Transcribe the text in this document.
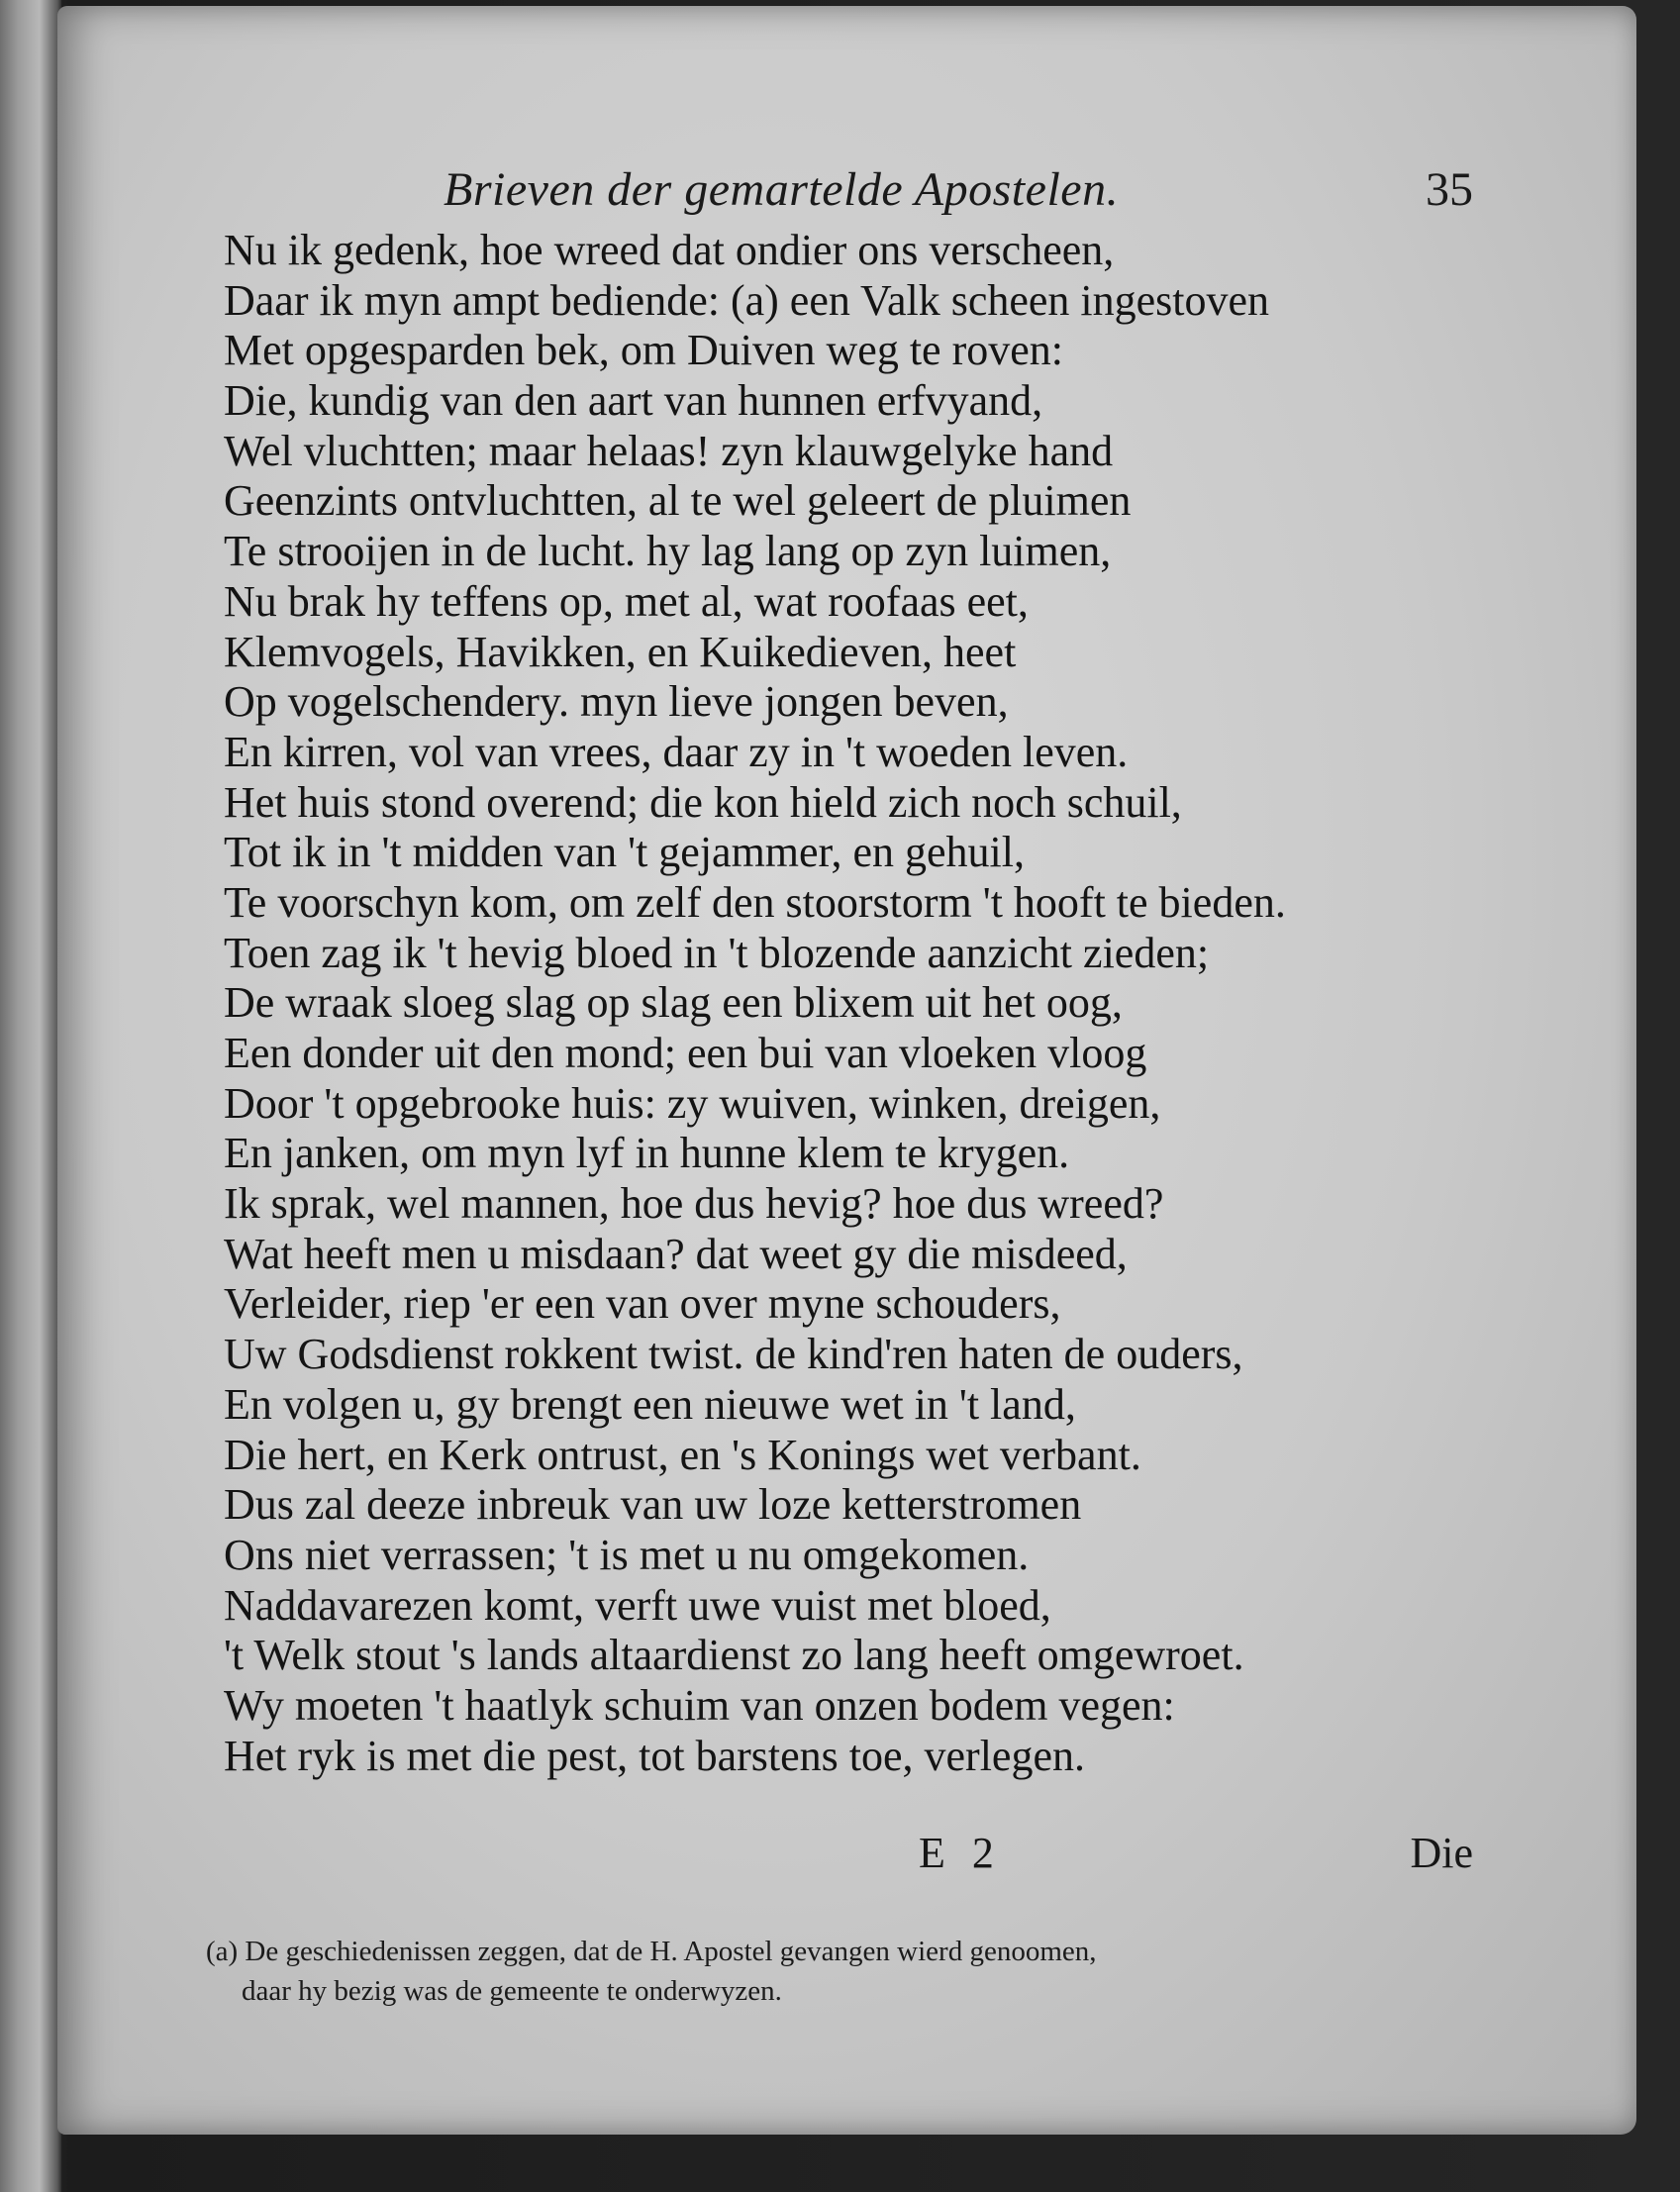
Brieven der gemartelde Apostelen.	35
Nu ik gedenk, hoe wreed dat ondier ons verscheen,
Daar ik myn ampt bediende: (a) een Valk scheen ingestoven
Met opgesparden bek, om Duiven weg te roven:
Die, kundig van den aart van hunnen erfvyand,
Wel vluchtten; maar helaas! zyn klauwgelyke hand
Geenzints ontvluchtten, al te wel geleert de pluimen
Te strooijen in de lucht. hy lag lang op zyn luimen,
Nu brak hy teffens op, met al, wat roofaas eet,
Klemvogels, Havikken, en Kuikedieven, heet
Op vogelschendery. myn lieve jongen beven,
En kirren, vol van vrees, daar zy in 't woeden leven.
Het huis stond overend; die kon hield zich noch schuil,
Tot ik in 't midden van 't gejammer, en gehuil,
Te voorschyn kom, om zelf den stoorstorm 't hooft te bieden.
Toen zag ik 't hevig bloed in 't blozende aanzicht zieden;
De wraak sloeg slag op slag een blixem uit het oog,
Een donder uit den mond; een bui van vloeken vloog
Door 't opgebrooke huis: zy wuiven, winken, dreigen,
En janken, om myn lyf in hunne klem te krygen.
Ik sprak, wel mannen, hoe dus hevig? hoe dus wreed?
Wat heeft men u misdaan? dat weet gy die misdeed,
Verleider, riep 'er een van over myne schouders,
Uw Godsdienst rokkent twist. de kind'ren haten de ouders,
En volgen u, gy brengt een nieuwe wet in 't land,
Die hert, en Kerk ontrust, en 's Konings wet verbant.
Dus zal deeze inbreuk van uw loze ketterstromen
Ons niet verrassen; 't is met u nu omgekomen.
Naddavarezen komt, verft uwe vuist met bloed,
't Welk stout 's lands altaardienst zo lang heeft omgewroet.
Wy moeten 't haatlyk schuim van onzen bodem vegen:
Het ryk is met die pest, tot barstens toe, verlegen.
E 2	Die
(a) De geschiedenissen zeggen, dat de H. Apostel gevangen wierd genoomen,
daar hy bezig was de gemeente te onderwyzen.
